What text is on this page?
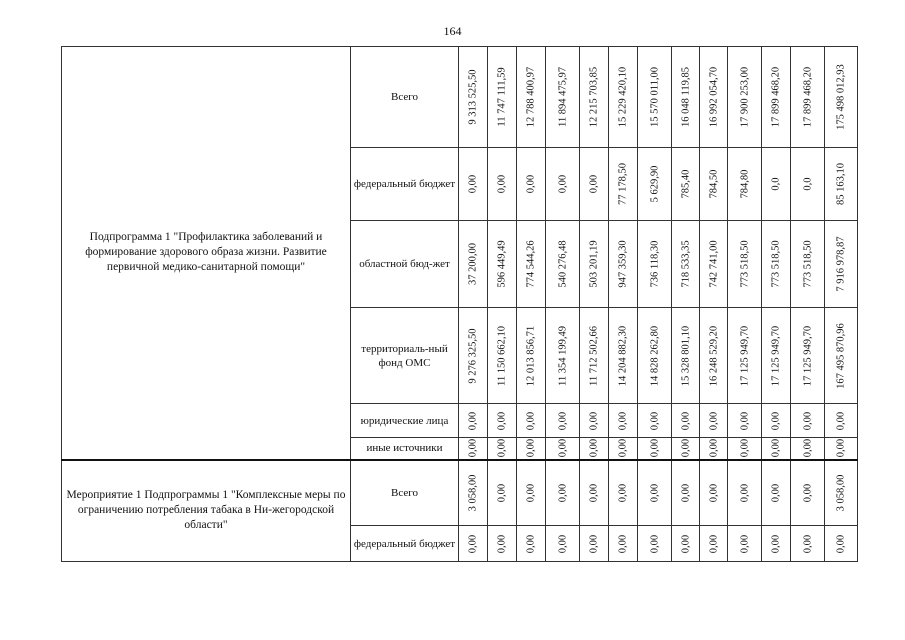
164
Подпрограмма 1 "Профилактика заболеваний и формирование здорового образа жизни. Развитие первичной медико-санитарной помощи"	Всего	9 313 525,50	11 747 111,59	12 788 400,97	11 894 475,97	12 215 703,85	15 229 420,10	15 570 011,00	16 048 119,85	16 992 054,70	17 900 253,00	17 899 468,20	17 899 468,20	175 498 012,93

	федеральный бюджет	0,00	0,00	0,00	0,00	0,00	77 178,50	5 629,90	785,40	784,50	784,80	0,0	0,0	85 163,10

	областной бюд-жет	37 200,00	596 449,49	774 544,26	540 276,48	503 201,19	947 359,30	736 118,30	718 533,35	742 741,00	773 518,50	773 518,50	773 518,50	7 916 978,87

	территориаль-ный фонд ОМС	9 276 325,50	11 150 662,10	12 013 856,71	11 354 199,49	11 712 502,66	14 204 882,30	14 828 262,80	15 328 801,10	16 248 529,20	17 125 949,70	17 125 949,70	17 125 949,70	167 495 870,96

	юридические лица	0,00	0,00	0,00	0,00	0,00	0,00	0,00	0,00	0,00	0,00	0,00	0,00	0,00

	иные источники	0,00	0,00	0,00	0,00	0,00	0,00	0,00	0,00	0,00	0,00	0,00	0,00	0,00

Мероприятие 1 Подпрограммы 1 "Комплексные меры по ограничению потребления табака в Ни-жегородской области"	Всего	3 058,00	0,00	0,00	0,00	0,00	0,00	0,00	0,00	0,00	0,00	0,00	0,00	3 058,00

	федеральный бюджет	0,00	0,00	0,00	0,00	0,00	0,00	0,00	0,00	0,00	0,00	0,00	0,00	0,00
